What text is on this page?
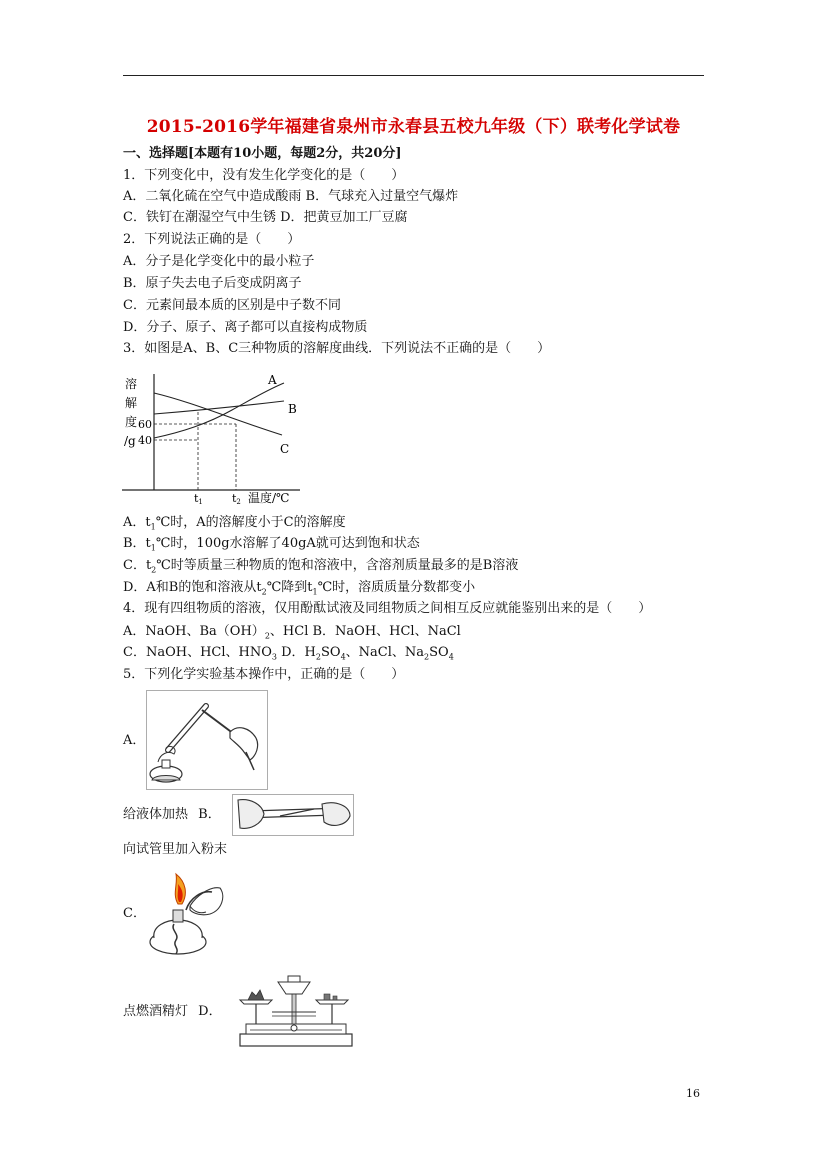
2015-2016学年福建省泉州市永春县五校九年级（下）联考化学试卷
一、选择题[本题有10小题，每题2分，共20分]
1．下列变化中，没有发生化学变化的是（　　）
A．二氧化硫在空气中造成酸雨 B．气球充入过量空气爆炸
C．铁钉在潮湿空气中生锈 D．把黄豆加工厂豆腐
2．下列说法正确的是（　　）
A．分子是化学变化中的最小粒子
B．原子失去电子后变成阴离子
C．元素间最本质的区别是中子数不同
D．分子、原子、离子都可以直接构成物质
3．如图是A、B、C三种物质的溶解度曲线．下列说法不正确的是（　　）
溶
解
度
/g
60
40
t1	t2 温度/℃
A
B
C
A．$t_1℃$时，A的溶解度小于C的溶解度
B．$t_1℃$时，100g水溶解了40gA就可达到饱和状态
C．$t_2℃$时等质量三种物质的饱和溶液中，含溶剂质量最多的是B溶液
D．A和B的饱和溶液从$t_2℃$降到$t_1℃$时，溶质质量分数都变小
4．现有四组物质的溶液，仅用酚酞试液及同组物质之间相互反应就能鉴别出来的是（　　）
A．NaOH、$Ba(OH)_2$、HCl B．NaOH、HCl、NaCl
C．NaOH、HCl、$HNO_3$ D．$H_2SO_4$、NaCl、$Na_2SO_4$
5．下列化学实验基本操作中，正确的是（　　）
A．
给液体加热 B．
向试管里加入粉末
C．
点燃酒精灯 D．
16
